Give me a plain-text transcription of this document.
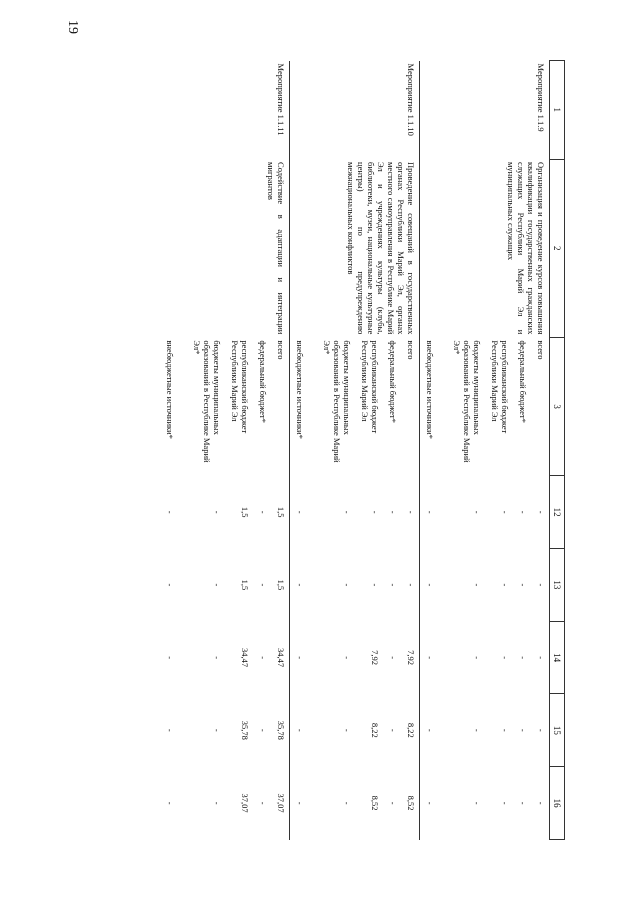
19
1	2	3	12	13	14	15	16
Мероприятие 1.1.9	Организация и проведение курсов повышения квалификации государственных гражданских служащих Республики Марий Эл и муниципальных служащих	всего	-	-	-	-	-
		федеральный бюджет*	-	-	-	-	-
		республиканский бюджет Республики Марий Эл	-	-	-	-	-
		бюджеты муниципальных образований в Республике Марий Эл*	-	-	-	-	-
		внебюджетные источники*	-	-	-	-	-
Мероприятие 1.1.10	Проведение совещаний в государственных органах Республики Марий Эл, органах местного самоуправления в Республике Марий Эл и учреждениях культуры (клубы, библиотеки, музеи, национальные культурные центры) по предупреждению межнациональных конфликтов	всего	-	-	7,92	8,22	8,52
		федеральный бюджет*	-	-	-	-	-
		республиканский бюджет Республики Марий Эл	-	-	7,92	8,22	8,52
		бюджеты муниципальных образований в Республике Марий Эл*	-	-	-	-	-
		внебюджетные источники*	-	-	-	-	-
Мероприятие 1.1.11	Содействие в адаптации и интеграции мигрантов	всего	1,5	1,5	34,47	35,78	37,07
		федеральный бюджет*	-	-	-	-	-
		республиканский бюджет Республики Марий Эл	1,5	1,5	34,47	35,78	37,07
		бюджеты муниципальных образований в Республике Марий Эл*	-	-	-	-	-
		внебюджетные источники*	-	-	-	-	-
